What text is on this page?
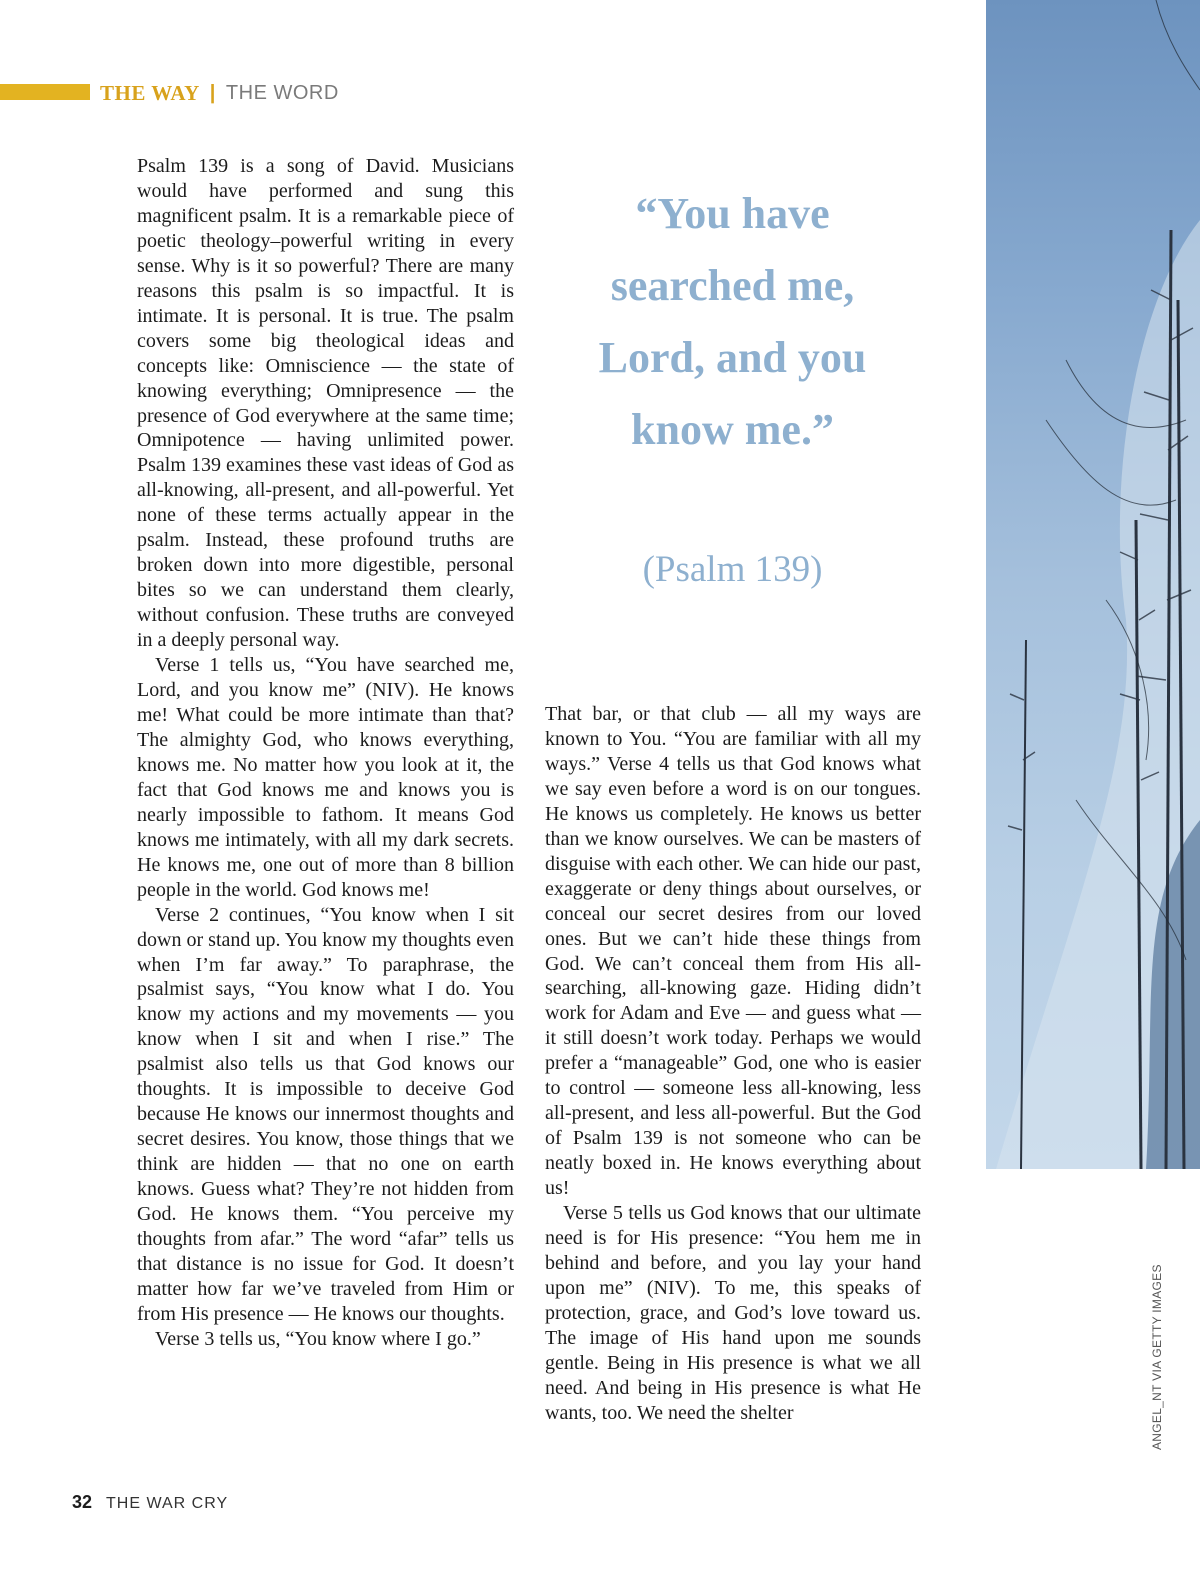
THE WAY | THE WORD

Psalm 139 is a song of David. Musicians would have performed and sung this magnificent psalm. It is a remarkable piece of poetic theology–powerful writing in every sense. Why is it so powerful? There are many reasons this psalm is so impactful. It is intimate. It is personal. It is true. The psalm covers some big theological ideas and concepts like: Omniscience — the state of knowing everything; Omnipresence — the presence of God everywhere at the same time; Omnipotence — having unlimited power. Psalm 139 examines these vast ideas of God as all-knowing, all-present, and all-powerful. Yet none of these terms actually appear in the psalm. Instead, these profound truths are broken down into more digestible, personal bites so we can understand them clearly, without confusion. These truths are conveyed in a deeply personal way.

Verse 1 tells us, “You have searched me, Lord, and you know me” (NIV). He knows me! What could be more intimate than that? The almighty God, who knows everything, knows me. No matter how you look at it, the fact that God knows me and knows you is nearly impossible to fathom. It means God knows me intimately, with all my dark secrets. He knows me, one out of more than 8 billion people in the world. God knows me!

Verse 2 continues, “You know when I sit down or stand up. You know my thoughts even when I’m far away.” To paraphrase, the psalmist says, “You know what I do. You know my actions and my movements — you know when I sit and when I rise.” The psalmist also tells us that God knows our thoughts. It is impossible to deceive God because He knows our innermost thoughts and secret desires. You know, those things that we think are hidden — that no one on earth knows. Guess what? They’re not hidden from God. He knows them. “You perceive my thoughts from afar.” The word “afar” tells us that distance is no issue for God. It doesn’t matter how far we’ve traveled from Him or from His presence — He knows our thoughts.

Verse 3 tells us, “You know where I go.”

“You have searched me, Lord, and you know me.”
(Psalm 139)

That bar, or that club — all my ways are known to You. “You are familiar with all my ways.” Verse 4 tells us that God knows what we say even before a word is on our tongues. He knows us completely. He knows us better than we know ourselves. We can be masters of disguise with each other. We can hide our past, exaggerate or deny things about ourselves, or conceal our secret desires from our loved ones. But we can’t hide these things from God. We can’t conceal them from His all-searching, all-knowing gaze. Hiding didn’t work for Adam and Eve — and guess what — it still doesn’t work today. Perhaps we would prefer a “manageable” God, one who is easier to control — someone less all-knowing, less all-present, and less all-powerful. But the God of Psalm 139 is not someone who can be neatly boxed in. He knows everything about us!

Verse 5 tells us God knows that our ultimate need is for His presence: “You hem me in behind and before, and you lay your hand upon me” (NIV). To me, this speaks of protection, grace, and God’s love toward us. The image of His hand upon me sounds gentle. Being in His presence is what we all need. And being in His presence is what He wants, too. We need the shelter	ANGEL_NT VIA GETTY IMAGES
32 THE WAR CRY
